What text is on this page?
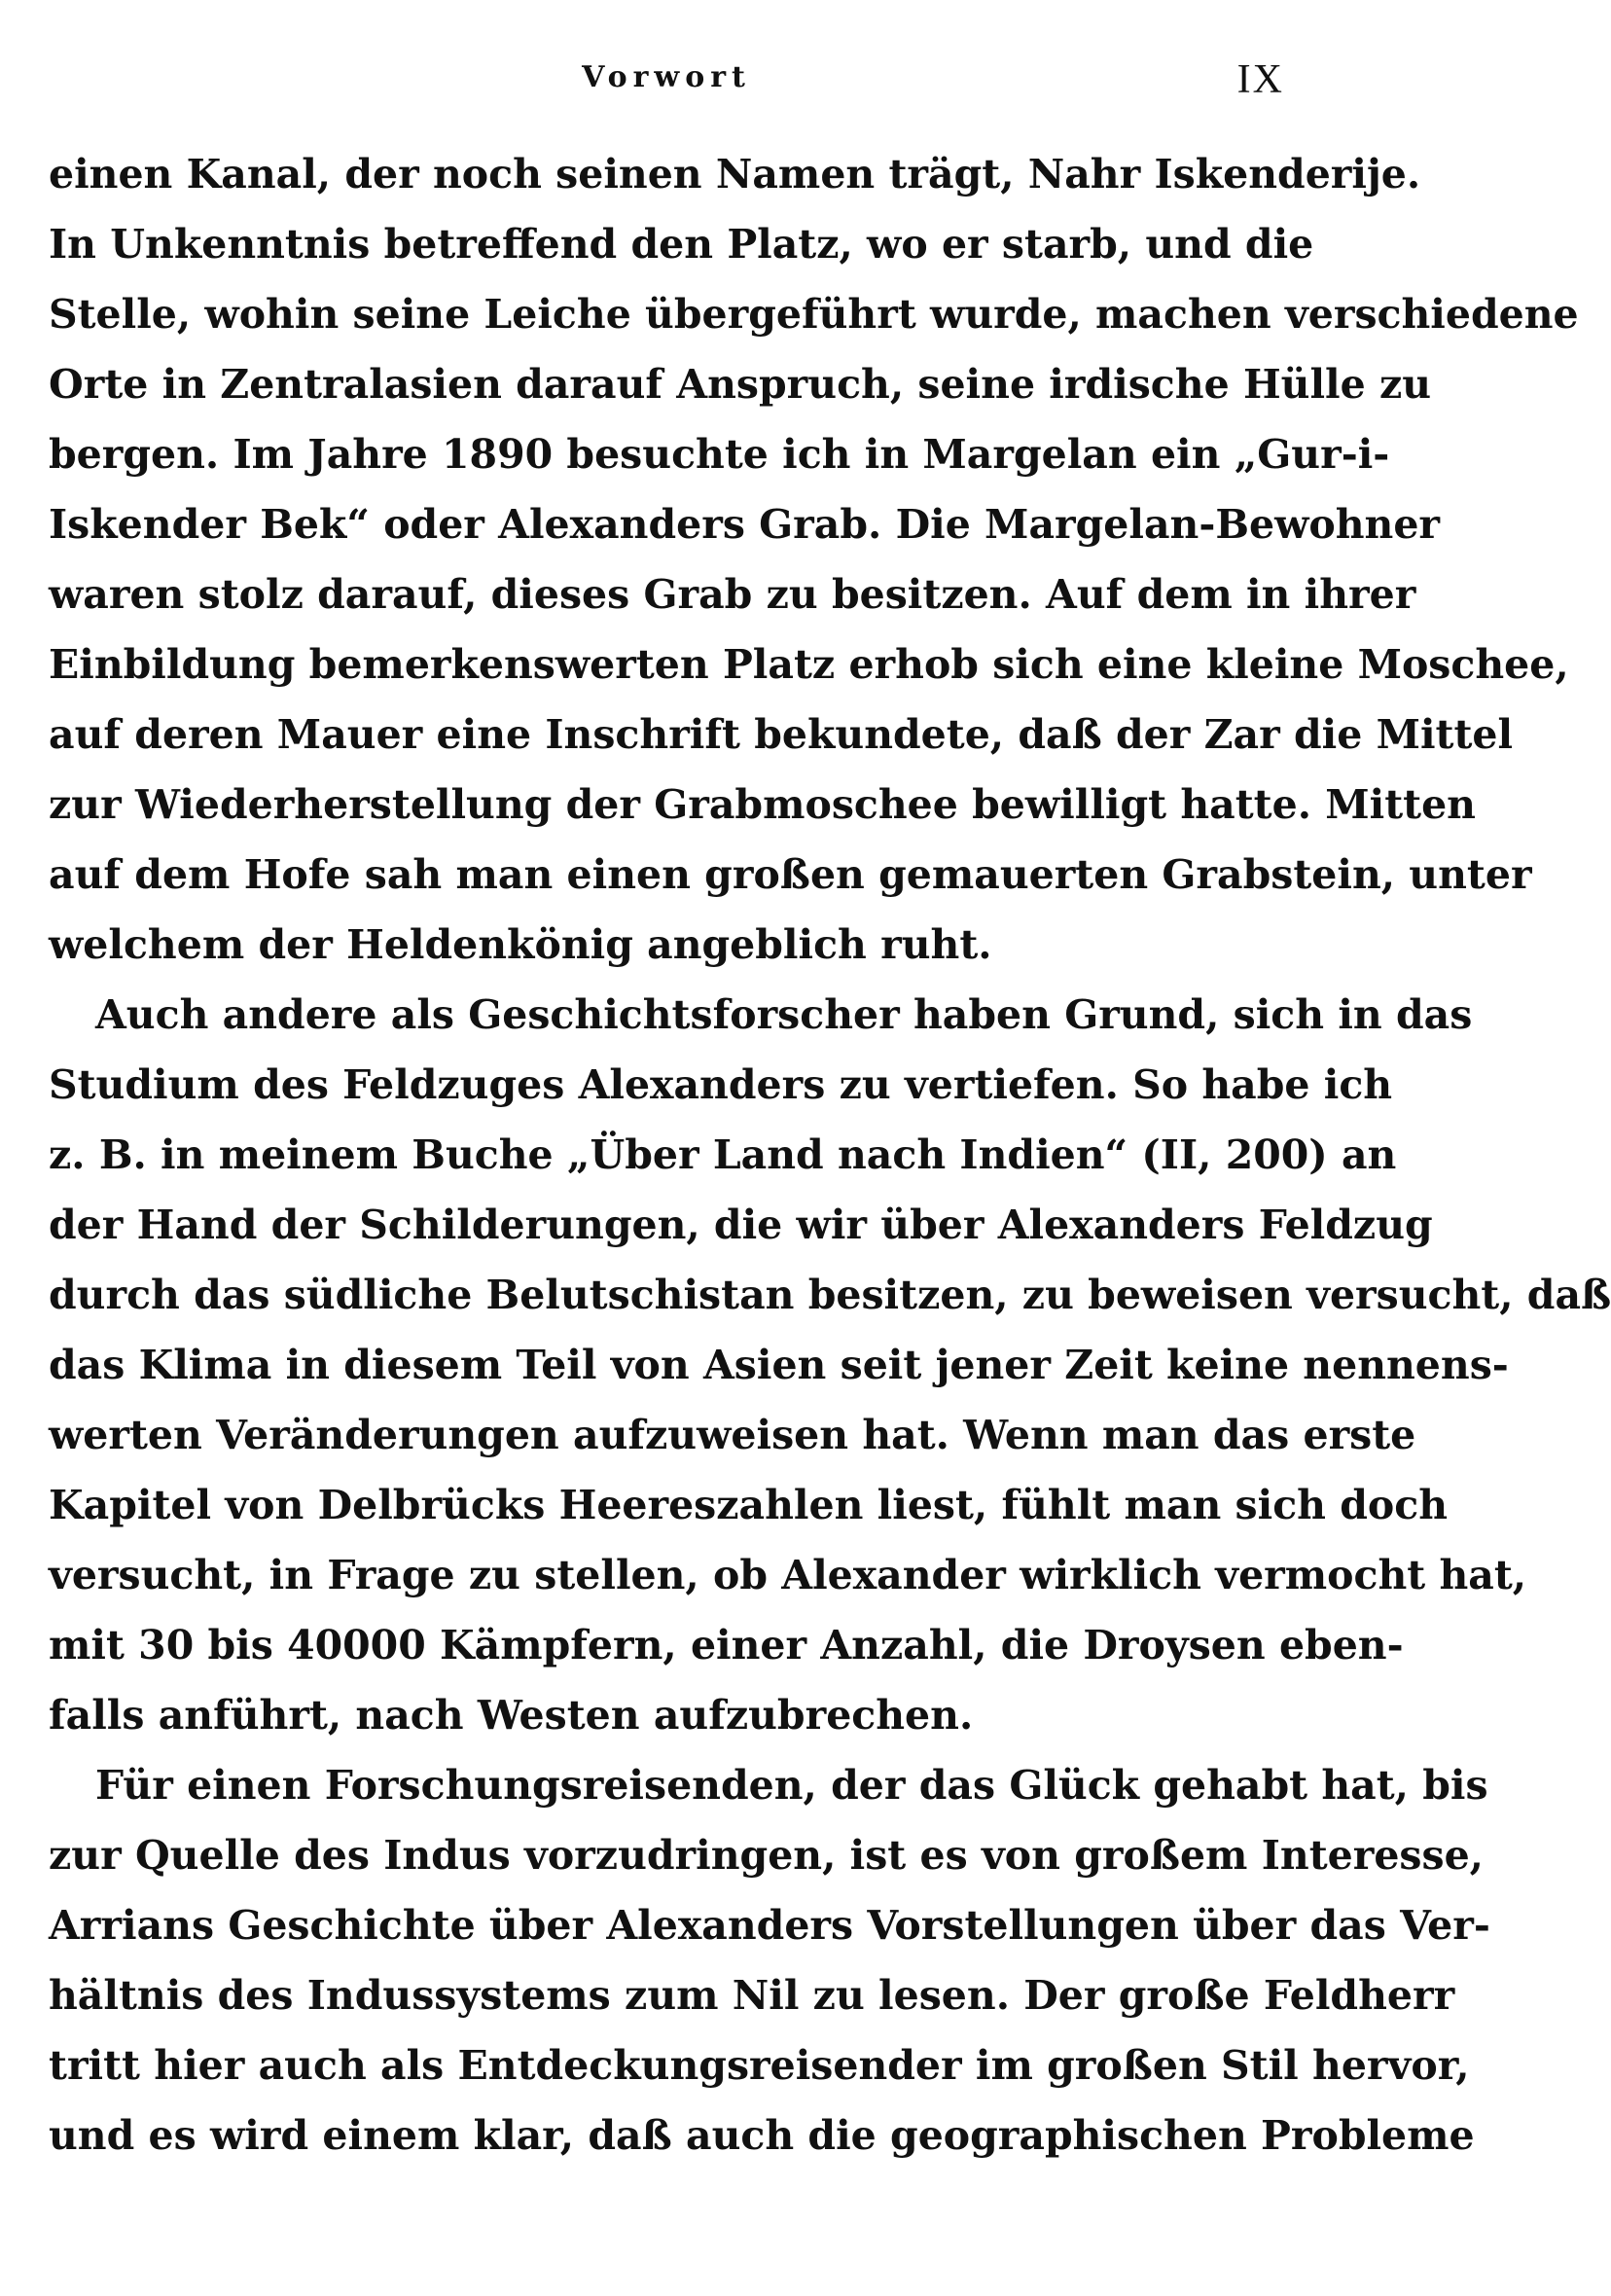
Vorwort	IX
einen Kanal, der noch seinen Namen trägt, Nahr Iskenderije.
In Unkenntnis betreffend den Platz, wo er starb, und die
Stelle, wohin seine Leiche übergeführt wurde, machen verschiedene
Orte in Zentralasien darauf Anspruch, seine irdische Hülle zu
bergen. Im Jahre 1890 besuchte ich in Margelan ein „Gur-i-
Iskender Bek“ oder Alexanders Grab. Die Margelan-Bewohner
waren stolz darauf, dieses Grab zu besitzen. Auf dem in ihrer
Einbildung bemerkenswerten Platz erhob sich eine kleine Moschee,
auf deren Mauer eine Inschrift bekundete, daß der Zar die Mittel
zur Wiederherstellung der Grabmoschee bewilligt hatte. Mitten
auf dem Hofe sah man einen großen gemauerten Grabstein, unter
welchem der Heldenkönig angeblich ruht.
Auch andere als Geschichtsforscher haben Grund, sich in das
Studium des Feldzuges Alexanders zu vertiefen. So habe ich
z. B. in meinem Buche „Über Land nach Indien“ (II, 200) an
der Hand der Schilderungen, die wir über Alexanders Feldzug
durch das südliche Belutschistan besitzen, zu beweisen versucht, daß
das Klima in diesem Teil von Asien seit jener Zeit keine nennens-
werten Veränderungen aufzuweisen hat. Wenn man das erste
Kapitel von Delbrücks Heereszahlen liest, fühlt man sich doch
versucht, in Frage zu stellen, ob Alexander wirklich vermocht hat,
mit 30 bis 40000 Kämpfern, einer Anzahl, die Droysen eben-
falls anführt, nach Westen aufzubrechen.
Für einen Forschungsreisenden, der das Glück gehabt hat, bis
zur Quelle des Indus vorzudringen, ist es von großem Interesse,
Arrians Geschichte über Alexanders Vorstellungen über das Ver-
hältnis des Indussystems zum Nil zu lesen. Der große Feldherr
tritt hier auch als Entdeckungsreisender im großen Stil hervor,
und es wird einem klar, daß auch die geographischen Probleme
